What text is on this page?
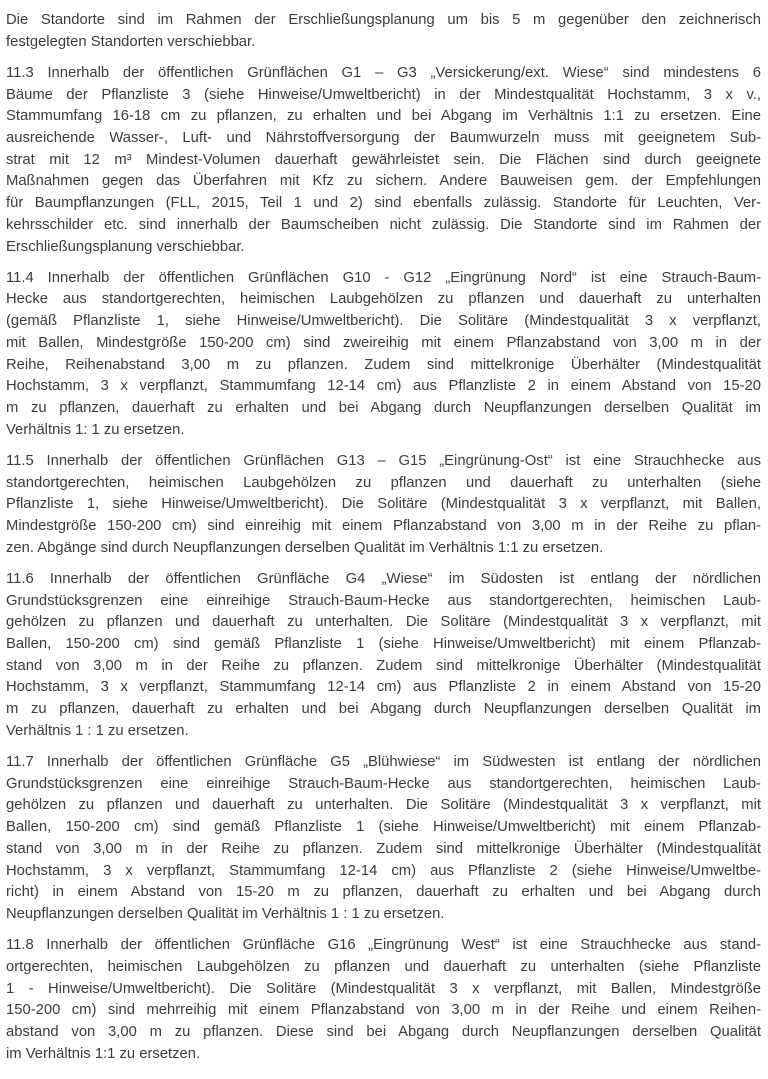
Die Standorte sind im Rahmen der Erschließungsplanung um bis 5 m gegenüber den zeichnerisch
festgelegten Standorten verschiebbar.
11.3 Innerhalb der öffentlichen Grünflächen G1 – G3 „Versickerung/ext. Wiese“ sind mindestens 6
Bäume der Pflanzliste 3 (siehe Hinweise/Umweltbericht) in der Mindestqualität Hochstamm, 3 x v.,
Stammumfang 16-18 cm zu pflanzen, zu erhalten und bei Abgang im Verhältnis 1:1 zu ersetzen. Eine
ausreichende Wasser-, Luft- und Nährstoffversorgung der Baumwurzeln muss mit geeignetem Sub-
strat mit 12 m³ Mindest-Volumen dauerhaft gewährleistet sein. Die Flächen sind durch geeignete
Maßnahmen gegen das Überfahren mit Kfz zu sichern. Andere Bauweisen gem. der Empfehlungen
für Baumpflanzungen (FLL, 2015, Teil 1 und 2) sind ebenfalls zulässig. Standorte für Leuchten, Ver-
kehrsschilder etc. sind innerhalb der Baumscheiben nicht zulässig. Die Standorte sind im Rahmen der
Erschließungsplanung verschiebbar.
11.4 Innerhalb der öffentlichen Grünflächen G10 - G12 „Eingrünung Nord“ ist eine Strauch-Baum-
Hecke aus standortgerechten, heimischen Laubgehölzen zu pflanzen und dauerhaft zu unterhalten
(gemäß Pflanzliste 1, siehe Hinweise/Umweltbericht). Die Solitäre (Mindestqualität 3 x verpflanzt,
mit Ballen, Mindestgröße 150-200 cm) sind zweireihig mit einem Pflanzabstand von 3,00 m in der
Reihe, Reihenabstand 3,00 m zu pflanzen. Zudem sind mittelkronige Überhälter (Mindestqualität
Hochstamm, 3 x verpflanzt, Stammumfang 12-14 cm) aus Pflanzliste 2 in einem Abstand von 15-20
m zu pflanzen, dauerhaft zu erhalten und bei Abgang durch Neupflanzungen derselben Qualität im
Verhältnis 1: 1 zu ersetzen.
11.5 Innerhalb der öffentlichen Grünflächen G13 – G15 „Eingrünung-Ost“ ist eine Strauchhecke aus
standortgerechten, heimischen Laubgehölzen zu pflanzen und dauerhaft zu unterhalten (siehe
Pflanzliste 1, siehe Hinweise/Umweltbericht). Die Solitäre (Mindestqualität 3 x verpflanzt, mit Ballen,
Mindestgröße 150-200 cm) sind einreihig mit einem Pflanzabstand von 3,00 m in der Reihe zu pflan-
zen. Abgänge sind durch Neupflanzungen derselben Qualität im Verhältnis 1:1 zu ersetzen.
11.6 Innerhalb der öffentlichen Grünfläche G4 „Wiese“ im Südosten ist entlang der nördlichen
Grundstücksgrenzen eine einreihige Strauch-Baum-Hecke aus standortgerechten, heimischen Laub-
gehölzen zu pflanzen und dauerhaft zu unterhalten. Die Solitäre (Mindestqualität 3 x verpflanzt, mit
Ballen, 150-200 cm) sind gemäß Pflanzliste 1 (siehe Hinweise/Umweltbericht) mit einem Pflanzab-
stand von 3,00 m in der Reihe zu pflanzen. Zudem sind mittelkronige Überhälter (Mindestqualität
Hochstamm, 3 x verpflanzt, Stammumfang 12-14 cm) aus Pflanzliste 2 in einem Abstand von 15-20
m zu pflanzen, dauerhaft zu erhalten und bei Abgang durch Neupflanzungen derselben Qualität im
Verhältnis 1 : 1 zu ersetzen.
11.7 Innerhalb der öffentlichen Grünfläche G5 „Blühwiese“ im Südwesten ist entlang der nördlichen
Grundstücksgrenzen eine einreihige Strauch-Baum-Hecke aus standortgerechten, heimischen Laub-
gehölzen zu pflanzen und dauerhaft zu unterhalten. Die Solitäre (Mindestqualität 3 x verpflanzt, mit
Ballen, 150-200 cm) sind gemäß Pflanzliste 1 (siehe Hinweise/Umweltbericht) mit einem Pflanzab-
stand von 3,00 m in der Reihe zu pflanzen. Zudem sind mittelkronige Überhälter (Mindestqualität
Hochstamm, 3 x verpflanzt, Stammumfang 12-14 cm) aus Pflanzliste 2 (siehe Hinweise/Umweltbe-
richt) in einem Abstand von 15-20 m zu pflanzen, dauerhaft zu erhalten und bei Abgang durch
Neupflanzungen derselben Qualität im Verhältnis 1 : 1 zu ersetzen.
11.8 Innerhalb der öffentlichen Grünfläche G16 „Eingrünung West“ ist eine Strauchhecke aus stand-
ortgerechten, heimischen Laubgehölzen zu pflanzen und dauerhaft zu unterhalten (siehe Pflanzliste
1 - Hinweise/Umweltbericht). Die Solitäre (Mindestqualität 3 x verpflanzt, mit Ballen, Mindestgröße
150-200 cm) sind mehrreihig mit einem Pflanzabstand von 3,00 m in der Reihe und einem Reihen-
abstand von 3,00 m zu pflanzen. Diese sind bei Abgang durch Neupflanzungen derselben Qualität
im Verhältnis 1:1 zu ersetzen.
